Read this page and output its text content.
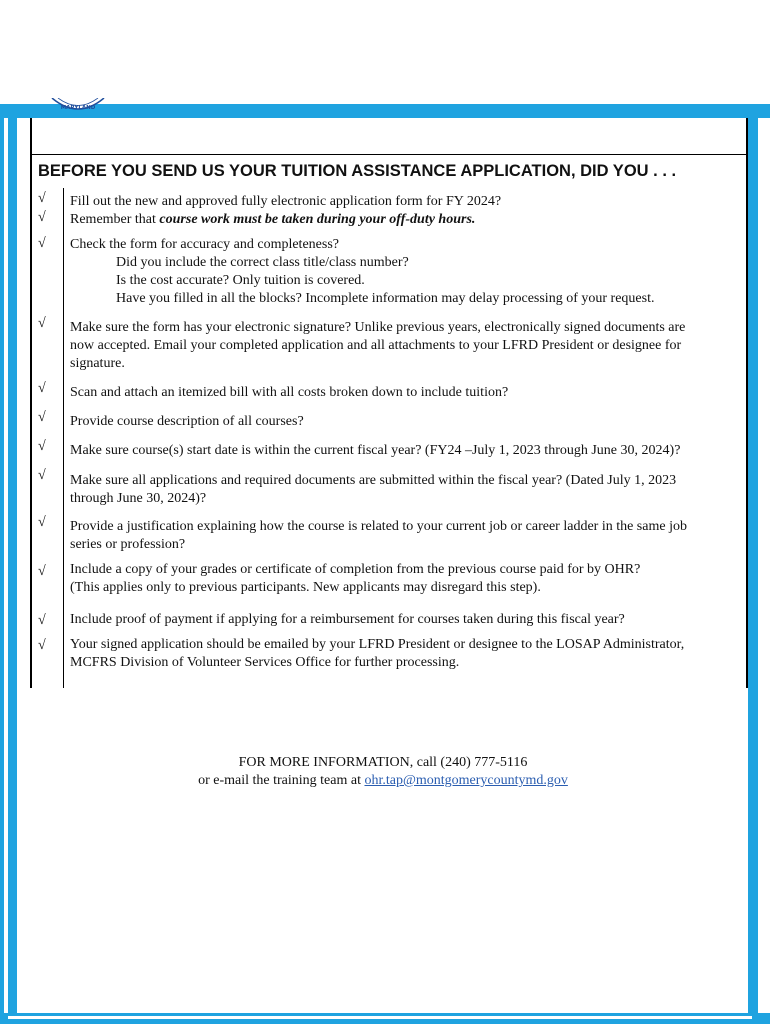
MARYLAND
BEFORE YOU SEND US YOUR TUITION ASSISTANCE APPLICATION, DID YOU . . .
√ Fill out the new and approved fully electronic application form for FY 2024?
√ Remember that course work must be taken during your off-duty hours.
√ Check the form for accuracy and completeness?
Did you include the correct class title/class number?
Is the cost accurate? Only tuition is covered.
Have you filled in all the blocks? Incomplete information may delay processing of your request.
√ Make sure the form has your electronic signature? Unlike previous years, electronically signed documents are
now accepted. Email your completed application and all attachments to your LFRD President or designee for
signature.
√ Scan and attach an itemized bill with all costs broken down to include tuition?
√ Provide course description of all courses?
√ Make sure course(s) start date is within the current fiscal year? (FY24 –July 1, 2023 through June 30, 2024)?
√ Make sure all applications and required documents are submitted within the fiscal year? (Dated July 1, 2023
through June 30, 2024)?
√ Provide a justification explaining how the course is related to your current job or career ladder in the same job
series or profession?
√ Include a copy of your grades or certificate of completion from the previous course paid for by OHR?
(This applies only to previous participants. New applicants may disregard this step).
√ Include proof of payment if applying for a reimbursement for courses taken during this fiscal year?
√ Your signed application should be emailed by your LFRD President or designee to the LOSAP Administrator,
MCFRS Division of Volunteer Services Office for further processing.
FOR MORE INFORMATION, call (240) 777-5116
or e-mail the training team at ohr.tap@montgomerycountymd.gov
